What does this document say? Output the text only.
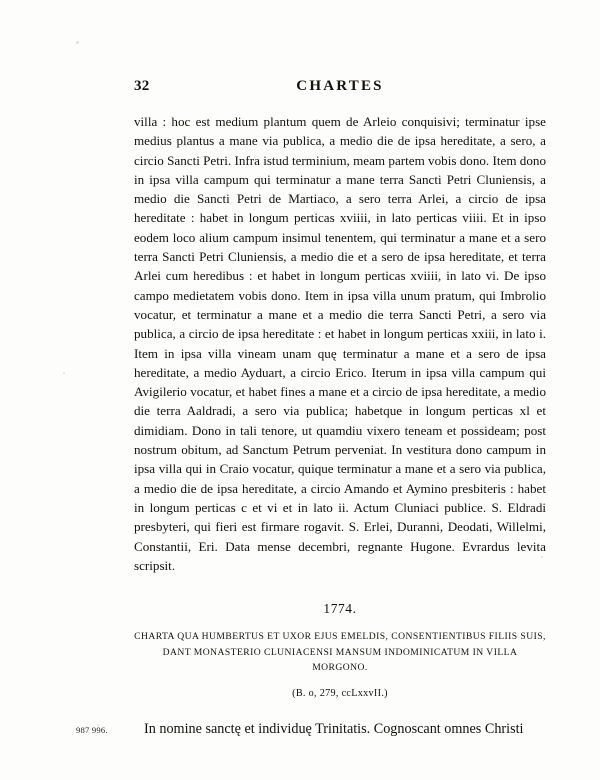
32	CHARTES
villa : hoc est medium plantum quem de Arleio conquisivi; terminatur ipse medius plantus a mane via publica, a medio die de ipsa hereditate, a sero, a circio Sancti Petri. Infra istud terminium, meam partem vobis dono. Item dono in ipsa villa campum qui terminatur a mane terra Sancti Petri Cluniensis, a medio die Sancti Petri de Martiaco, a sero terra Arlei, a circio de ipsa hereditate : habet in longum perticas xviiii, in lato perticas viiii. Et in ipso eodem loco alium campum insimul tenentem, qui terminatur a mane et a sero terra Sancti Petri Cluniensis, a medio die et a sero de ipsa hereditate, et terra Arlei cum heredibus : et habet in longum perticas xviiii, in lato vi. De ipso campo medietatem vobis dono. Item in ipsa villa unum pratum, qui Imbrolio vocatur, et terminatur a mane et a medio die terra Sancti Petri, a sero via publica, a circio de ipsa hereditate : et habet in longum perticas xxiii, in lato i. Item in ipsa villa vineam unam quę terminatur a mane et a sero de ipsa hereditate, a medio Ayduart, a circio Erico. Iterum in ipsa villa campum qui Avigilerio vocatur, et habet fines a mane et a circio de ipsa hereditate, a medio die terra Aaldradi, a sero via publica; habetque in longum perticas xl et dimidiam. Dono in tali tenore, ut quamdiu vixero teneam et possideam; post nostrum obitum, ad Sanctum Petrum perveniat. In vestitura dono campum in ipsa villa qui in Craio vocatur, quique terminatur a mane et a sero via publica, a medio die de ipsa hereditate, a circio Amando et Aymino presbiteris : habet in longum perticas c et vi et in lato ii. Actum Cluniaci publice. S. Eldradi presbyteri, qui fieri est firmare rogavit. S. Erlei, Duranni, Deodati, Willelmi, Constantii, Eri. Data mense decembri, regnante Hugone. Evrardus levita scripsit.
1774.
CHARTA QUA HUMBERTUS ET UXOR EJUS EMELDIS, CONSENTIENTIBUS FILIIS SUIS,
DANT MONASTERIO CLUNIACENSI MANSUM INDOMINICATUM IN VILLA MORGONO.
(B. o, 279, ccLxxvII.)
987 996.	In nomine sanctę et individuę Trinitatis. Cognoscant omnes Christi
